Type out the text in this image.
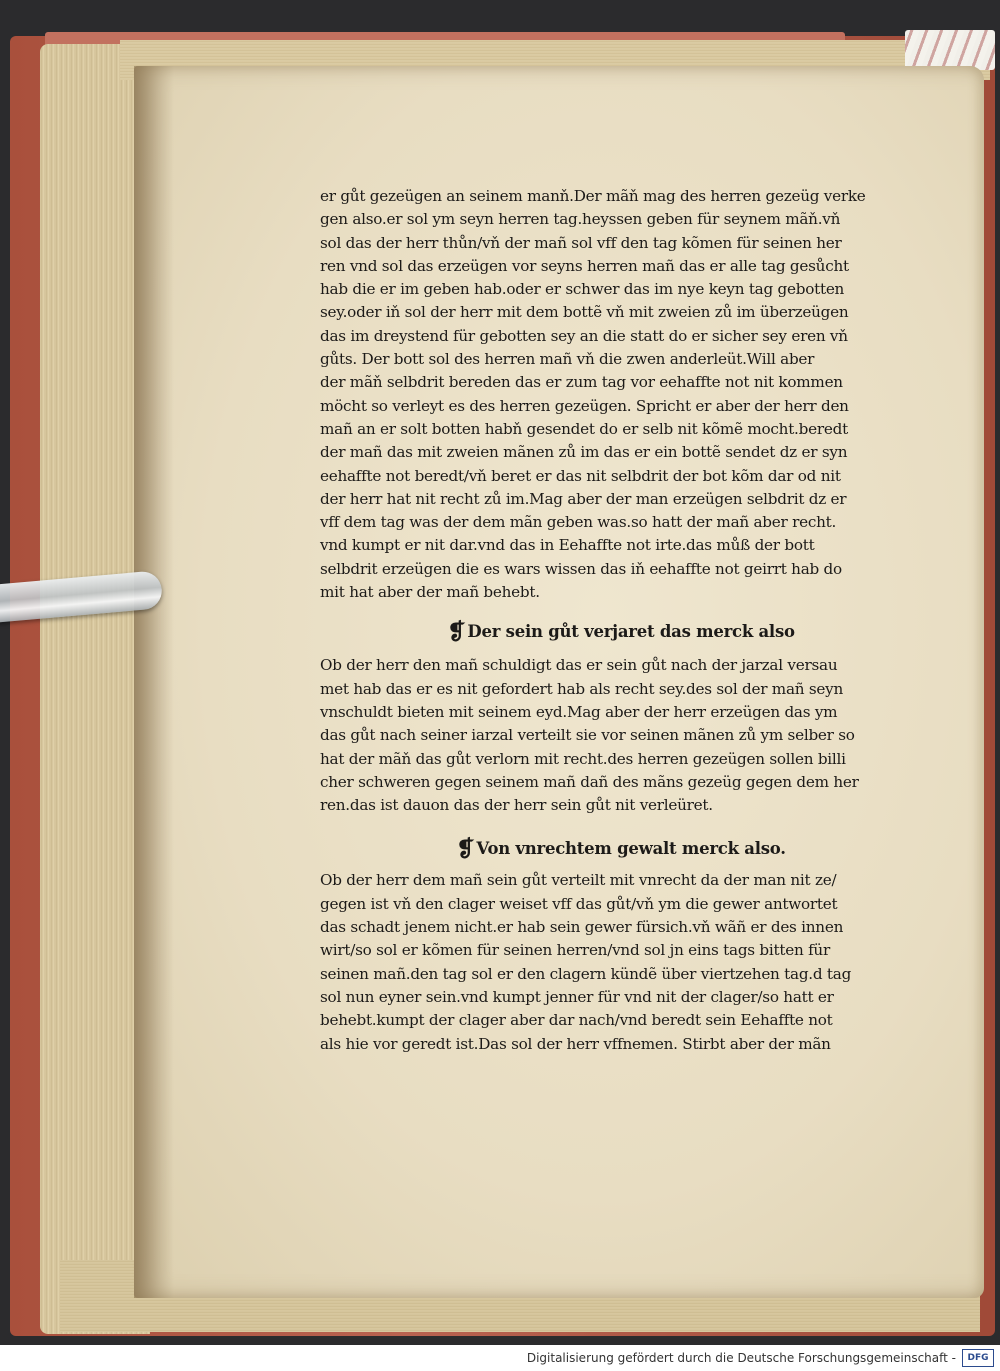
er gůt gezeügen an seinem manň.Der mãň mag des herren gezeüg verke
gen also.er sol ym seyn herren tag.heyssen geben für seynem mãň.vň
sol das der herr thůn/vň der mañ sol vff den tag kõmen für seinen her
ren vnd sol das erzeügen vor seyns herren mañ das er alle tag gesůcht
hab die er im geben hab.oder er schwer das im nye keyn tag gebotten
sey.oder iň sol der herr mit dem bottẽ vň mit zweien zů im überzeügen
das im dreystend für gebotten sey an die statt do er sicher sey eren vň
gůts. Der bott sol des herren mañ vň die zwen anderleüt.Will aber
der mãň selbdrit bereden das er zum tag vor eehaffte not nit kommen
möcht so verleyt es des herren gezeügen. Spricht er aber der herr den
mañ an er solt botten habň gesendet do er selb nit kõmẽ mocht.beredt
der mañ das mit zweien mãnen zů im das er ein bottẽ sendet dz er syn
eehaffte not beredt/vň beret er das nit selbdrit der bot kõm dar od nit
der herr hat nit recht zů im.Mag aber der man erzeügen selbdrit dz er
vff dem tag was der dem mãn geben was.so hatt der mañ aber recht.
vnd kumpt er nit dar.vnd das in Eehaffte not irte.das můß der bott
selbdrit erzeügen die es wars wissen das iň eehaffte not geirrt hab do
mit hat aber der mañ behebt.
❡ Der sein gůt verjaret das merck also
Ob der herr den mañ schuldigt das er sein gůt nach der jarzal versau
met hab das er es nit gefordert hab als recht sey.des sol der mañ seyn
vnschuldt bieten mit seinem eyd.Mag aber der herr erzeügen das ym
das gůt nach seiner iarzal verteilt sie vor seinen mãnen zů ym selber so
hat der mãň das gůt verlorn mit recht.des herren gezeügen sollen billi
cher schweren gegen seinem mañ dañ des mãns gezeüg gegen dem her
ren.das ist dauon das der herr sein gůt nit verleüret.
❡ Von vnrechtem gewalt merck also.
Ob der herr dem mañ sein gůt verteilt mit vnrecht da der man nit ze/
gegen ist vň den clager weiset vff das gůt/vň ym die gewer antwortet
das schadt jenem nicht.er hab sein gewer fürsich.vň wãñ er des innen
wirt/so sol er kõmen für seinen herren/vnd sol jn eins tags bitten für
seinen mañ.den tag sol er den clagern kündẽ über viertzehen tag.d tag
sol nun eyner sein.vnd kumpt jenner für vnd nit der clager/so hatt er
behebt.kumpt der clager aber dar nach/vnd beredt sein Eehaffte not
als hie vor geredt ist.Das sol der herr vffnemen. Stirbt aber der mãn
Digitalisierung gefördert durch die Deutsche Forschungsgemeinschaft -	DFG
